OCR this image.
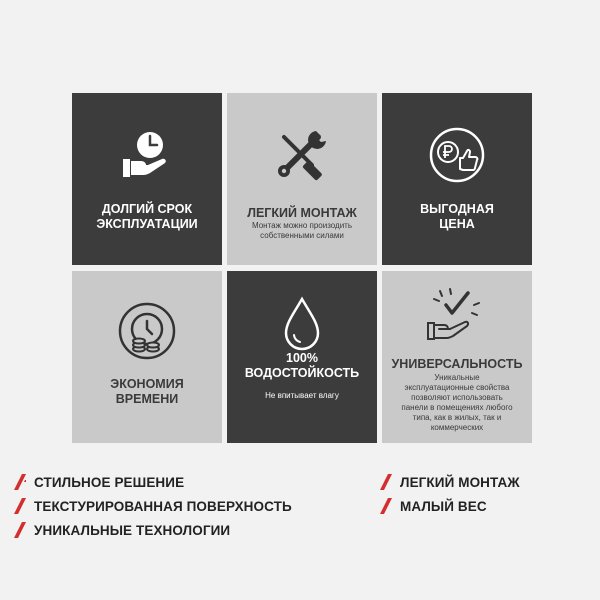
ДОЛГИЙ СРОК
ЭКСПЛУАТАЦИИ
ЛЕГКИЙ МОНТАЖ
Монтаж можно произодить
собственными силами
ВЫГОДНАЯ
ЦЕНА
ЭКОНОМИЯ
ВРЕМЕНИ
100%
ВОДОСТОЙКОСТЬ
Не впитывает влагу
УНИВЕРСАЛЬНОСТЬ
Уникальные
эксплуатационные свойства
позволяют использовать
панели в помещениях любого
типа, как в жилых, так и
коммерческих
СТИЛЬНОЕ РЕШЕНИЕ
ТЕКСТУРИРОВАННАЯ ПОВЕРХНОСТЬ
УНИКАЛЬНЫЕ ТЕХНОЛОГИИ
ЛЕГКИЙ МОНТАЖ
МАЛЫЙ ВЕС
